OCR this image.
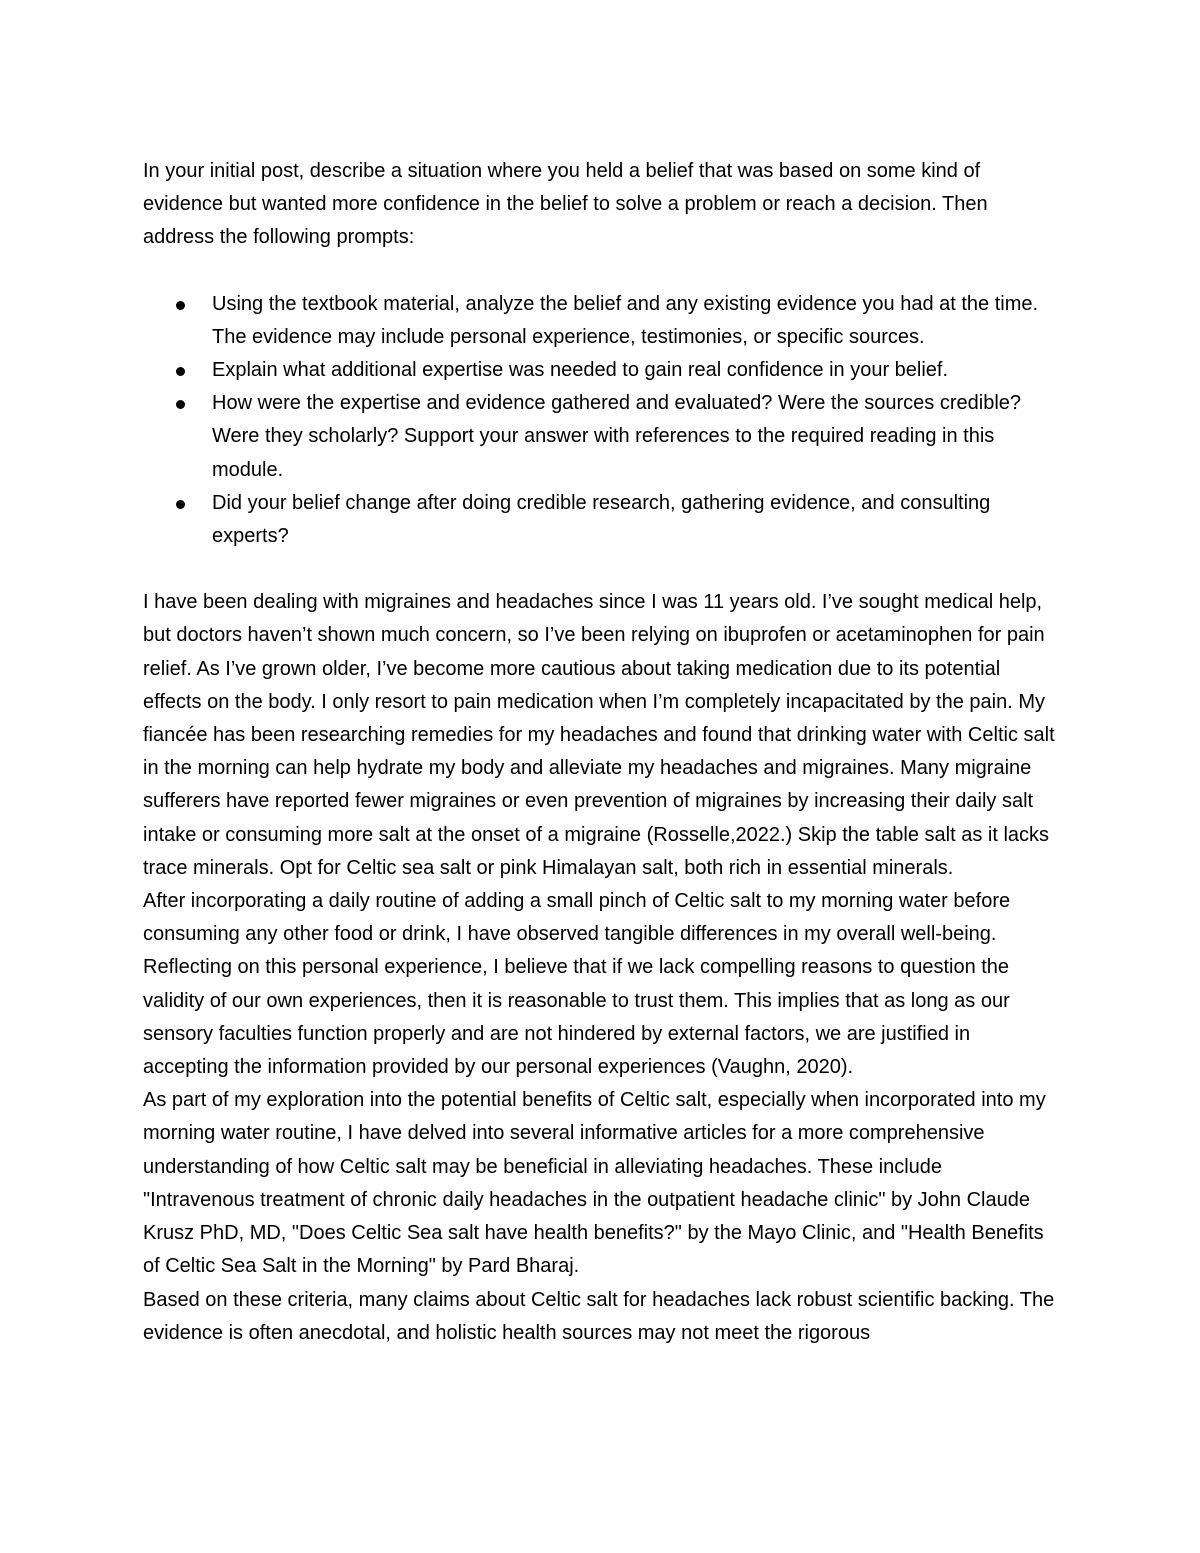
In your initial post, describe a situation where you held a belief that was based on some kind of evidence but wanted more confidence in the belief to solve a problem or reach a decision. Then address the following prompts:

Using the textbook material, analyze the belief and any existing evidence you had at the time. The evidence may include personal experience, testimonies, or specific sources.
Explain what additional expertise was needed to gain real confidence in your belief.
How were the expertise and evidence gathered and evaluated? Were the sources credible? Were they scholarly? Support your answer with references to the required reading in this module.
Did your belief change after doing credible research, gathering evidence, and consulting experts?

I have been dealing with migraines and headaches since I was 11 years old. I’ve sought medical help, but doctors haven’t shown much concern, so I’ve been relying on ibuprofen or acetaminophen for pain relief. As I’ve grown older, I’ve become more cautious about taking medication due to its potential effects on the body. I only resort to pain medication when I’m completely incapacitated by the pain. My fiancée has been researching remedies for my headaches and found that drinking water with Celtic salt in the morning can help hydrate my body and alleviate my headaches and migraines. Many migraine sufferers have reported fewer migraines or even prevention of migraines by increasing their daily salt intake or consuming more salt at the onset of a migraine (Rosselle,2022.) Skip the table salt as it lacks trace minerals. Opt for Celtic sea salt or pink Himalayan salt, both rich in essential minerals.

After incorporating a daily routine of adding a small pinch of Celtic salt to my morning water before consuming any other food or drink, I have observed tangible differences in my overall well-being. Reflecting on this personal experience, I believe that if we lack compelling reasons to question the validity of our own experiences, then it is reasonable to trust them. This implies that as long as our sensory faculties function properly and are not hindered by external factors, we are justified in accepting the information provided by our personal experiences (Vaughn, 2020).

As part of my exploration into the potential benefits of Celtic salt, especially when incorporated into my morning water routine, I have delved into several informative articles for a more comprehensive understanding of how Celtic salt may be beneficial in alleviating headaches. These include "Intravenous treatment of chronic daily headaches in the outpatient headache clinic" by John Claude Krusz PhD, MD, "Does Celtic Sea salt have health benefits?" by the Mayo Clinic, and "Health Benefits of Celtic Sea Salt in the Morning" by Pard Bharaj.

Based on these criteria, many claims about Celtic salt for headaches lack robust scientific backing. The evidence is often anecdotal, and holistic health sources may not meet the rigorous
